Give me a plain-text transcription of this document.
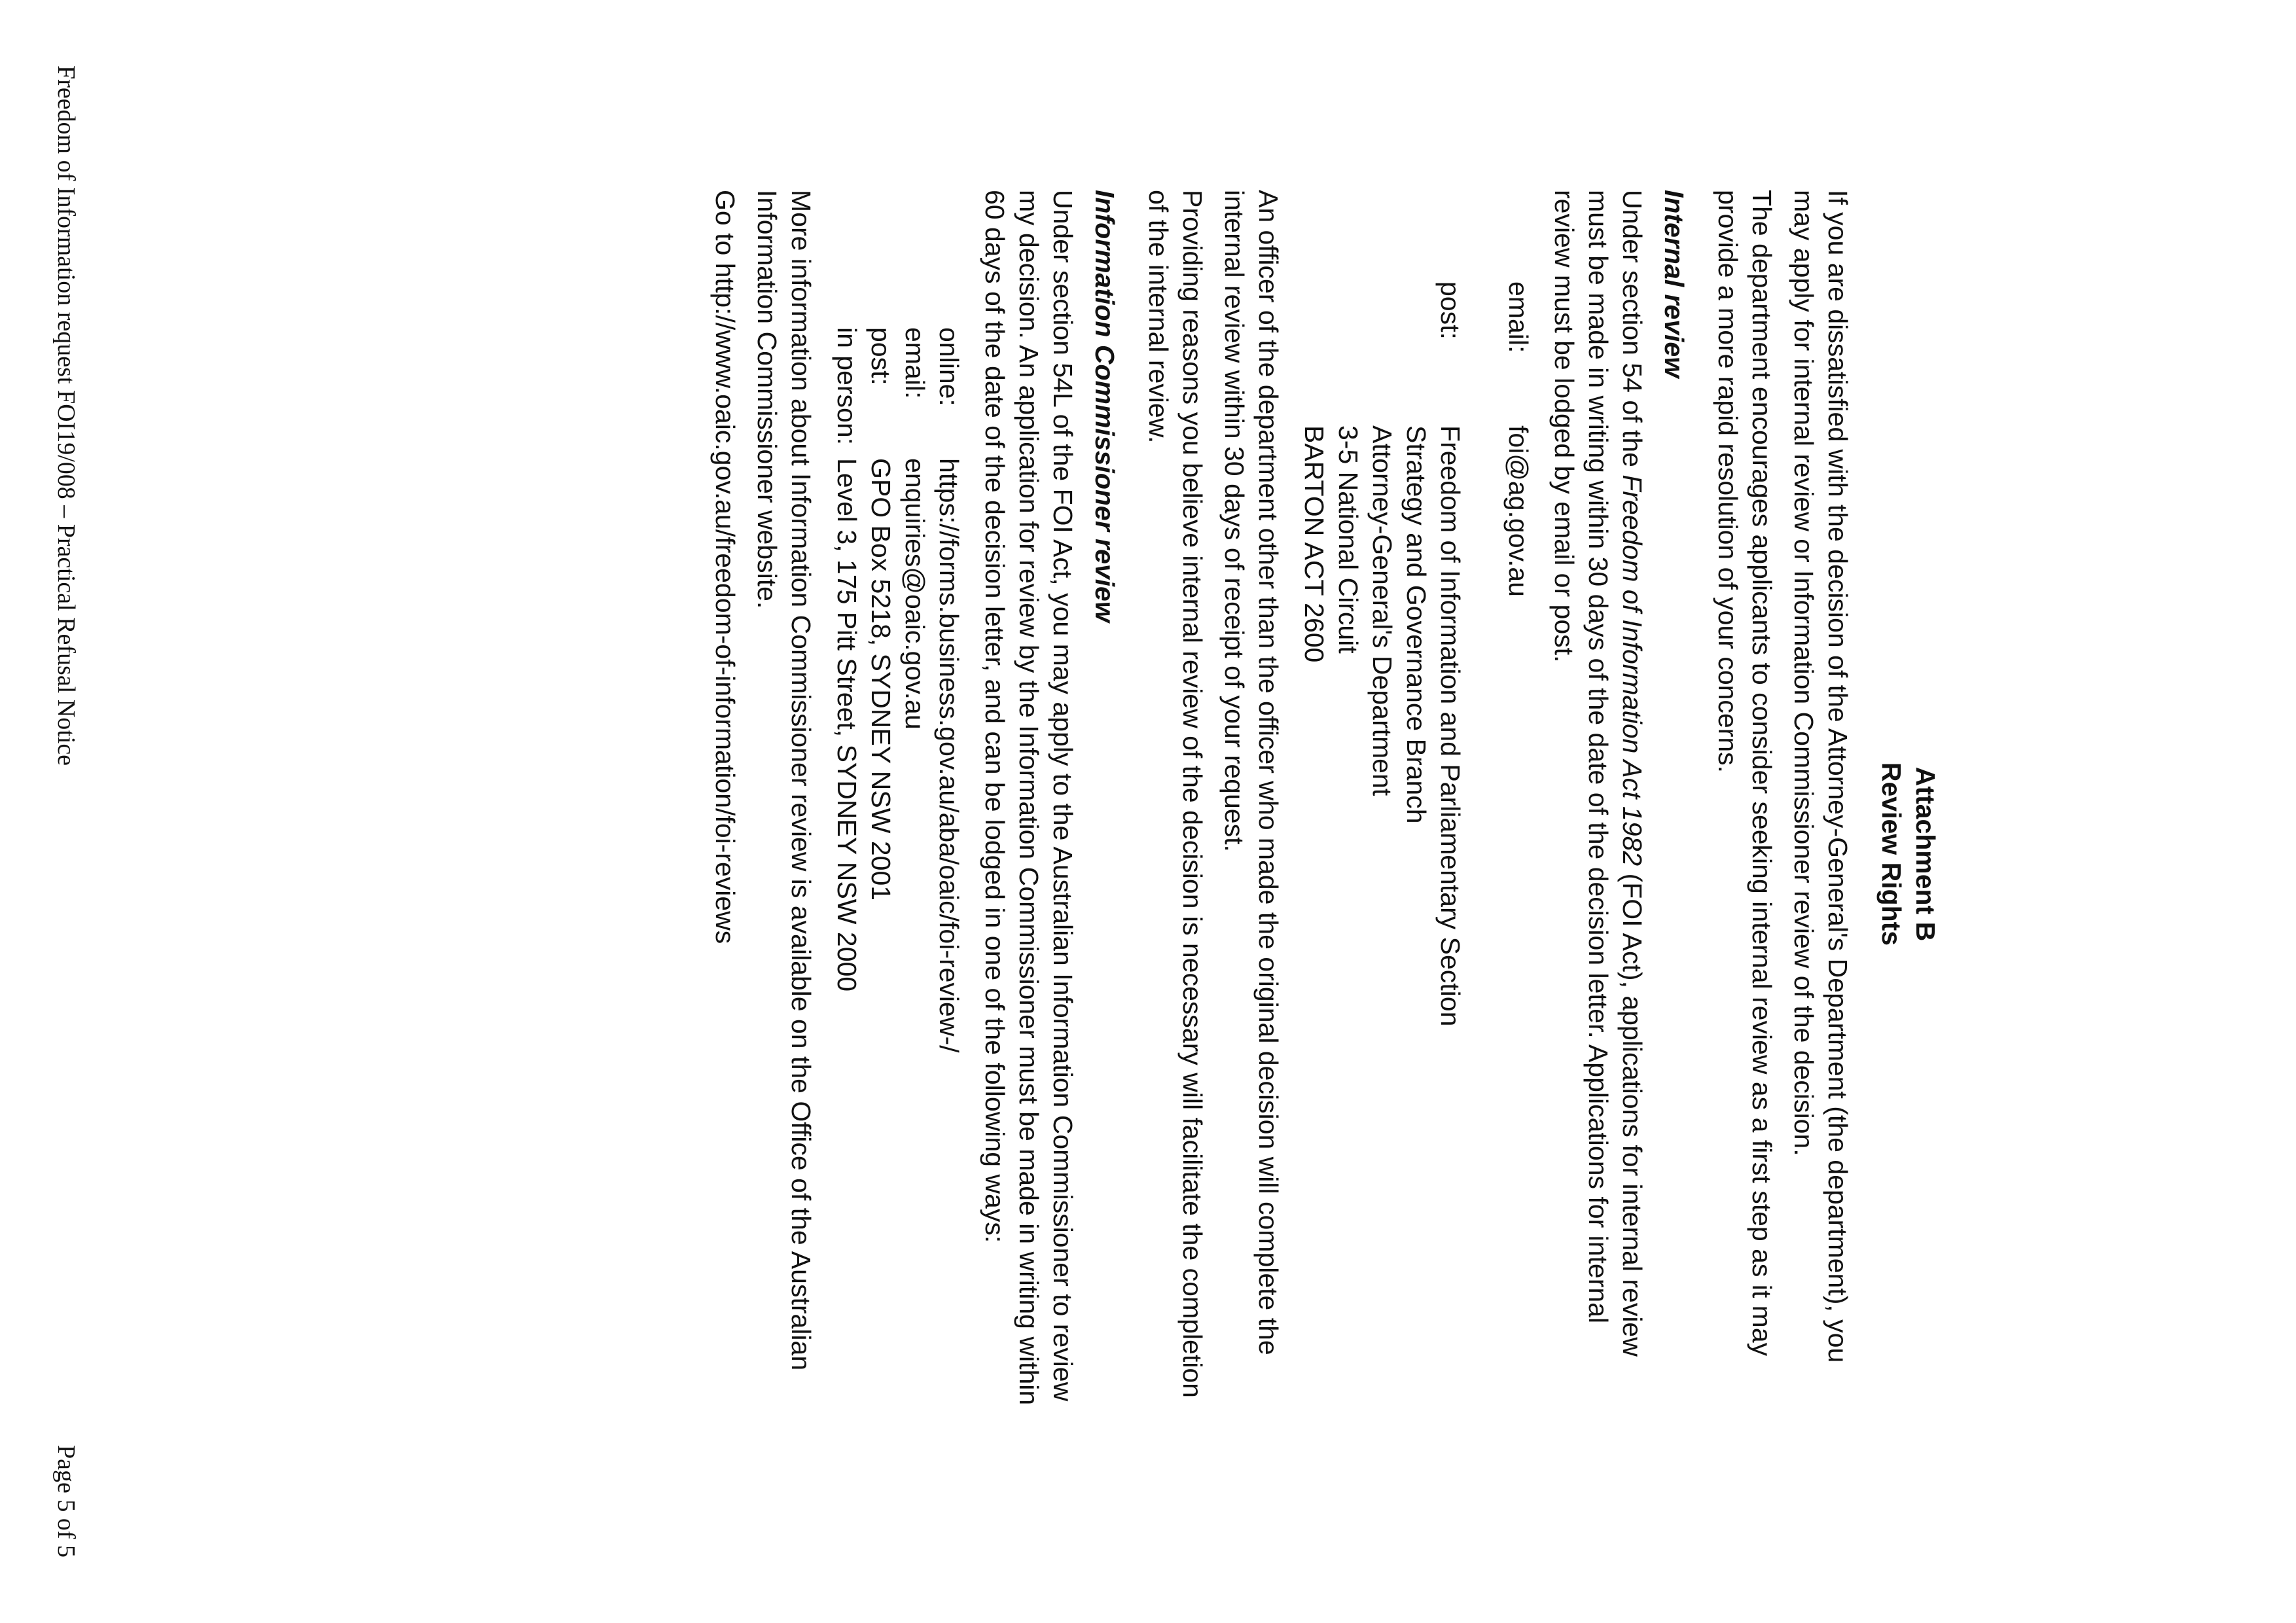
Attachment B
Review Rights

If you are dissatisfied with the decision of the Attorney-General's Department (the department), you may apply for internal review or Information Commissioner review of the decision.

The department encourages applicants to consider seeking internal review as a first step as it may provide a more rapid resolution of your concerns.

Internal review

Under section 54 of the Freedom of Information Act 1982 (FOI Act), applications for internal review must be made in writing within 30 days of the date of the decision letter. Applications for internal review must be lodged by email or post.

email:	foi@ag.gov.au

post:	Freedom of Information and Parliamentary Section
Strategy and Governance Branch
Attorney-General's Department
3-5 National Circuit
BARTON ACT 2600

An officer of the department other than the officer who made the original decision will complete the internal review within 30 days of receipt of your request.

Providing reasons you believe internal review of the decision is necessary will facilitate the completion of the internal review.

Information Commissioner review

Under section 54L of the FOI Act, you may apply to the Australian Information Commissioner to review my decision. An application for review by the Information Commissioner must be made in writing within 60 days of the date of the decision letter, and can be lodged in one of the following ways:

online:	https://forms.business.gov.au/aba/oaic/foi-review-/
email:	enquiries@oaic.gov.au
post:	GPO Box 5218, SYDNEY NSW 2001
in person:	Level 3, 175 Pitt Street, SYDNEY NSW 2000

More information about Information Commissioner review is available on the Office of the Australian Information Commissioner website.

Go to http://www.oaic.gov.au/freedom-of-information/foi-reviews

Freedom of Information request FOI19/008 – Practical Refusal Notice
Page 5 of 5
